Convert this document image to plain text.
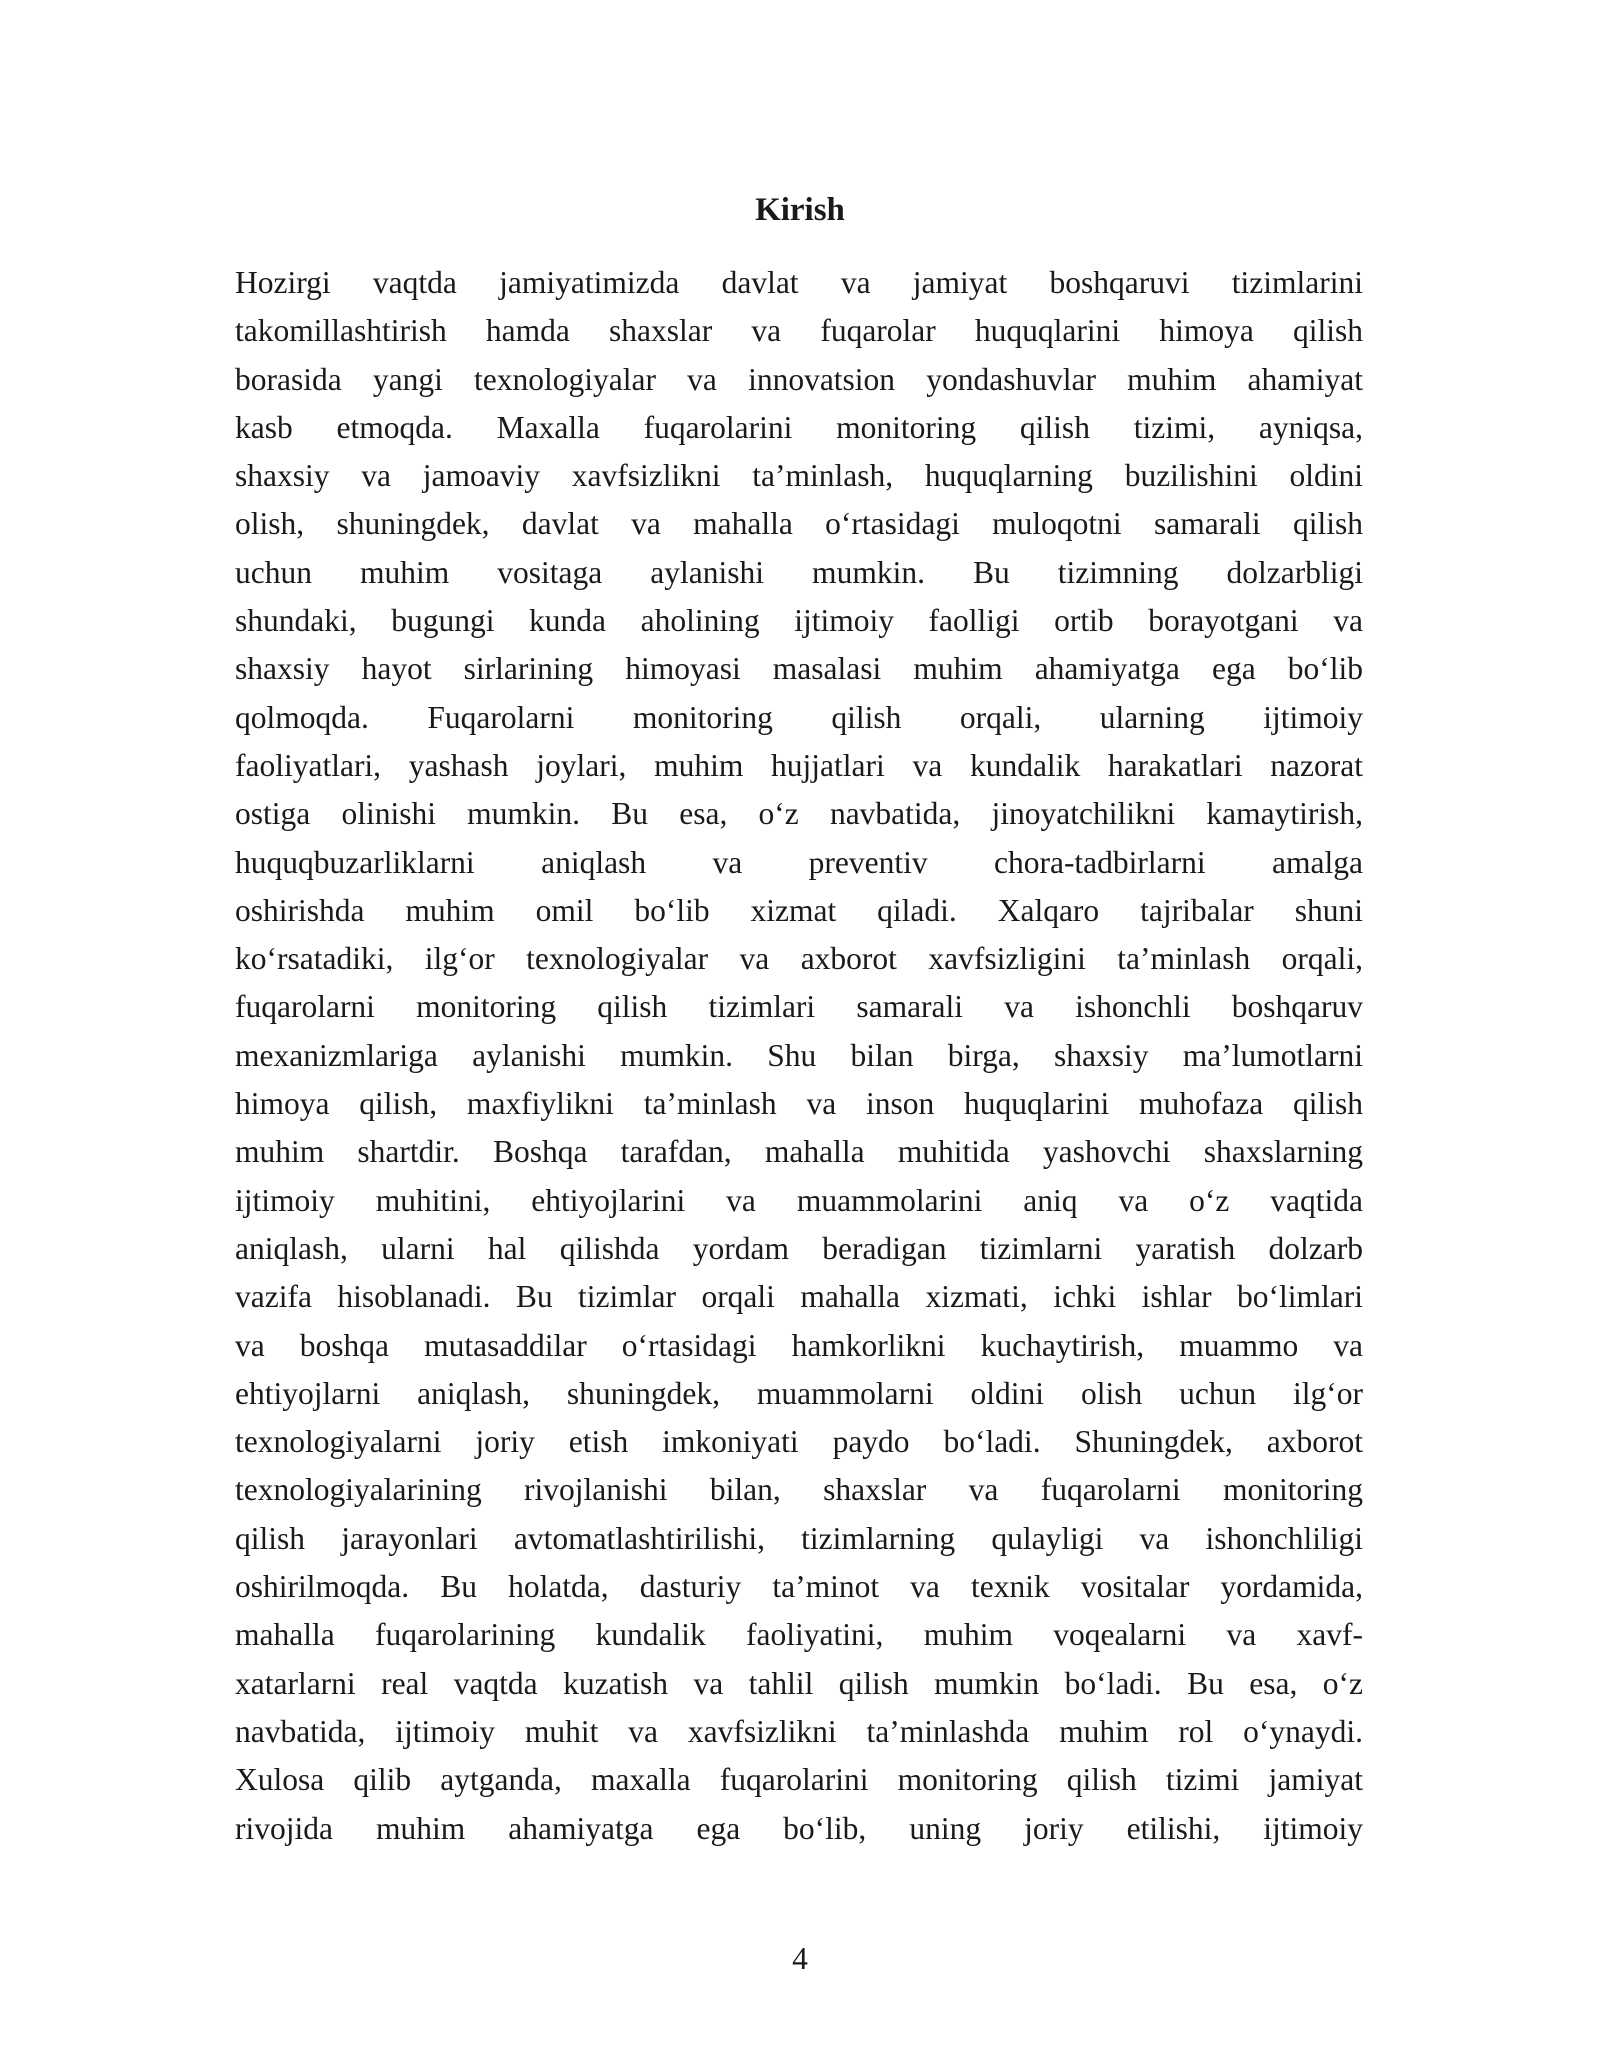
Kirish
Hozirgi vaqtda jamiyatimizda davlat va jamiyat boshqaruvi tizimlarini
takomillashtirish hamda shaxslar va fuqarolar huquqlarini himoya qilish
borasida yangi texnologiyalar va innovatsion yondashuvlar muhim ahamiyat
kasb etmoqda. Maxalla fuqarolarini monitoring qilish tizimi, ayniqsa,
shaxsiy va jamoaviy xavfsizlikni ta’minlash, huquqlarning buzilishini oldini
olish, shuningdek, davlat va mahalla o‘rtasidagi muloqotni samarali qilish
uchun muhim vositaga aylanishi mumkin. Bu tizimning dolzarbligi
shundaki, bugungi kunda aholining ijtimoiy faolligi ortib borayotgani va
shaxsiy hayot sirlarining himoyasi masalasi muhim ahamiyatga ega bo‘lib
qolmoqda. Fuqarolarni monitoring qilish orqali, ularning ijtimoiy
faoliyatlari, yashash joylari, muhim hujjatlari va kundalik harakatlari nazorat
ostiga olinishi mumkin. Bu esa, o‘z navbatida, jinoyatchilikni kamaytirish,
huquqbuzarliklarni aniqlash va preventiv chora-tadbirlarni amalga
oshirishda muhim omil bo‘lib xizmat qiladi. Xalqaro tajribalar shuni
ko‘rsatadiki, ilg‘or texnologiyalar va axborot xavfsizligini ta’minlash orqali,
fuqarolarni monitoring qilish tizimlari samarali va ishonchli boshqaruv
mexanizmlariga aylanishi mumkin. Shu bilan birga, shaxsiy ma’lumotlarni
himoya qilish, maxfiylikni ta’minlash va inson huquqlarini muhofaza qilish
muhim shartdir. Boshqa tarafdan, mahalla muhitida yashovchi shaxslarning
ijtimoiy muhitini, ehtiyojlarini va muammolarini aniq va o‘z vaqtida
aniqlash, ularni hal qilishda yordam beradigan tizimlarni yaratish dolzarb
vazifa hisoblanadi. Bu tizimlar orqali mahalla xizmati, ichki ishlar bo‘limlari
va boshqa mutasaddilar o‘rtasidagi hamkorlikni kuchaytirish, muammo va
ehtiyojlarni aniqlash, shuningdek, muammolarni oldini olish uchun ilg‘or
texnologiyalarni joriy etish imkoniyati paydo bo‘ladi. Shuningdek, axborot
texnologiyalarining rivojlanishi bilan, shaxslar va fuqarolarni monitoring
qilish jarayonlari avtomatlashtirilishi, tizimlarning qulayligi va ishonchliligi
oshirilmoqda. Bu holatda, dasturiy ta’minot va texnik vositalar yordamida,
mahalla fuqarolarining kundalik faoliyatini, muhim voqealarni va xavf-
xatarlarni real vaqtda kuzatish va tahlil qilish mumkin bo‘ladi. Bu esa, o‘z
navbatida, ijtimoiy muhit va xavfsizlikni ta’minlashda muhim rol o‘ynaydi.
Xulosa qilib aytganda, maxalla fuqarolarini monitoring qilish tizimi jamiyat
rivojida muhim ahamiyatga ega bo‘lib, uning joriy etilishi, ijtimoiy
4
